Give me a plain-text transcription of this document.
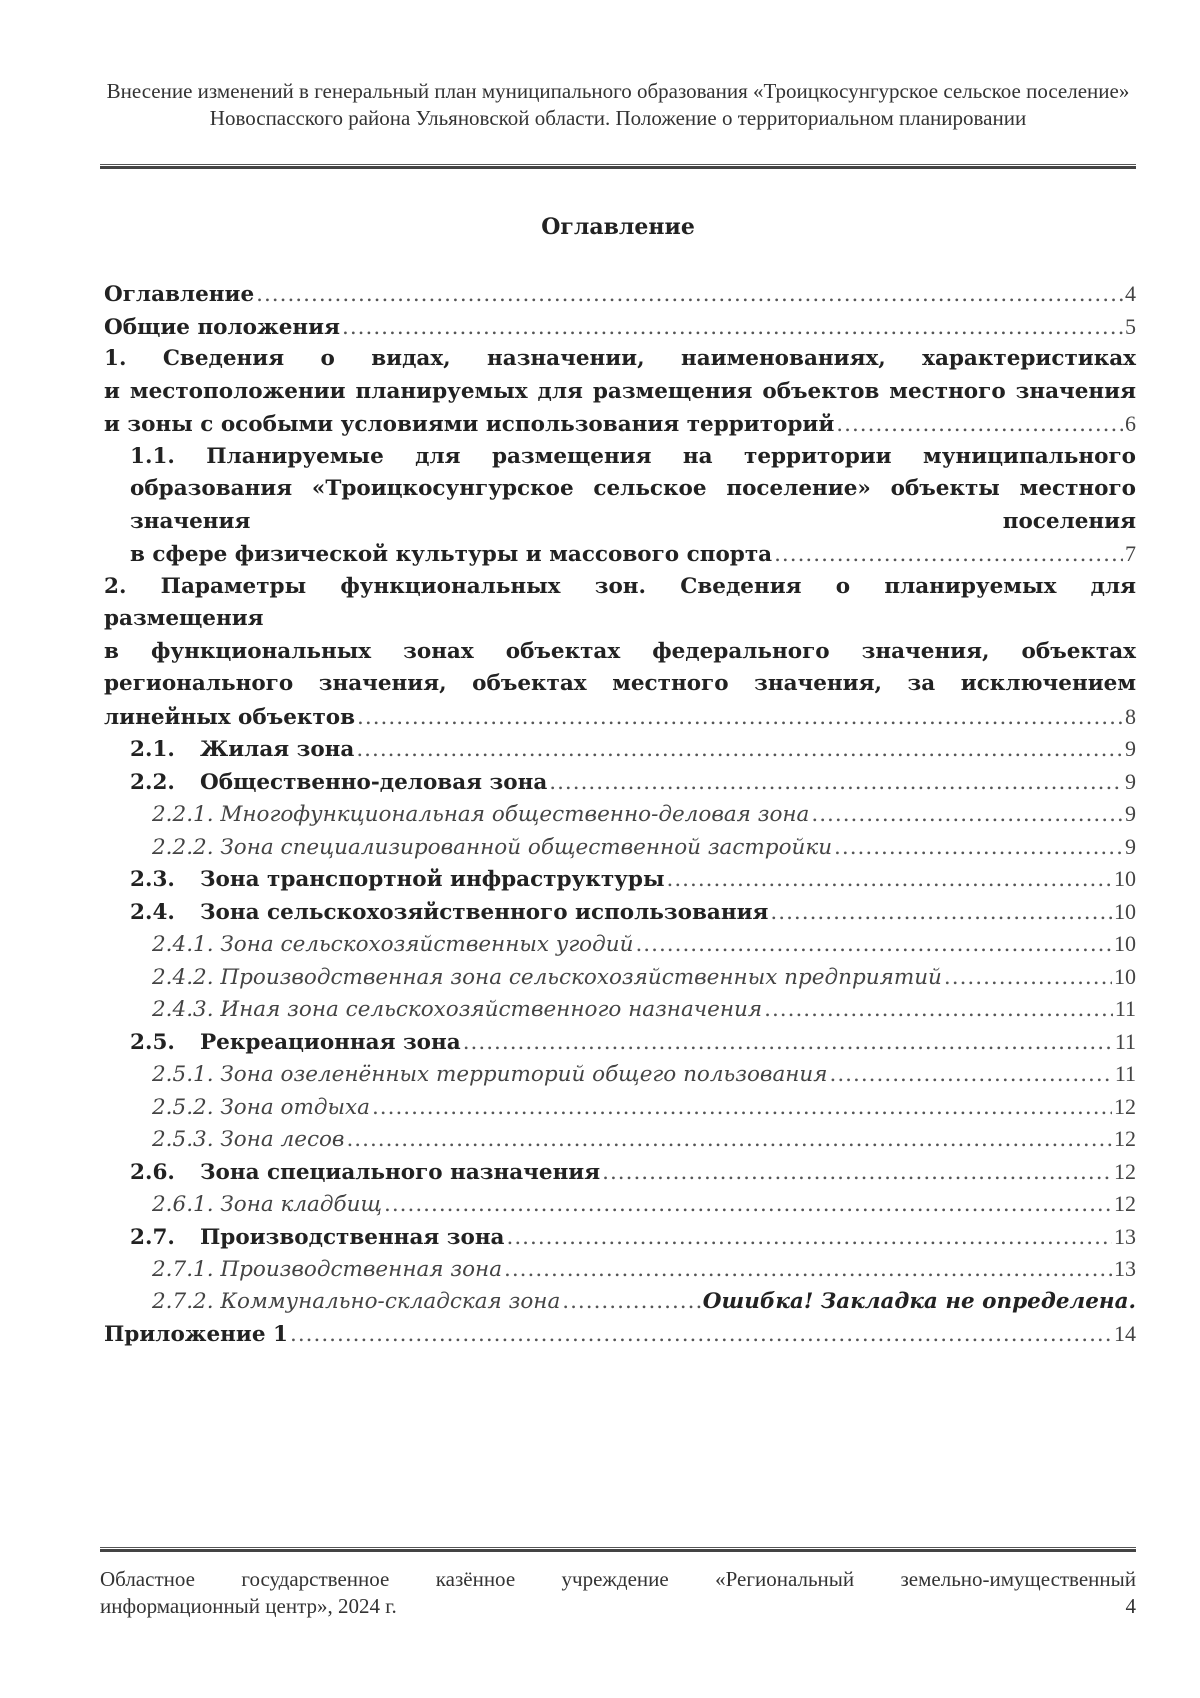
Внесение изменений в генеральный план муниципального образования «Троицкосунгурское сельское поселение» Новоспасского района Ульяновской области. Положение о территориальном планировании
Оглавление
Оглавление .....	4
Общие положения .....	5
1. Сведения о видах, назначении, наименованиях, характеристиках
и местоположении планируемых для размещения объектов местного значения
и зоны с особыми условиями использования территорий .....	6
1.1. Планируемые для размещения на территории муниципального
образования «Троицкосунгурское сельское поселение» объекты местного
значения	поселения
в сфере физической культуры и массового спорта .....	7
2. Параметры функциональных зон. Сведения о планируемых для
размещения
в функциональных зонах объектах федерального значения, объектах
регионального значения, объектах местного значения, за исключением
линейных объектов .....	8
2.1. Жилая зона .....	9
2.2. Общественно-деловая зона .....	9
2.2.1. Многофункциональная общественно-деловая зона .....	9
2.2.2. Зона специализированной общественной застройки .....	9
2.3. Зона транспортной инфраструктуры .....	10
2.4. Зона сельскохозяйственного использования .....	10
2.4.1. Зона сельскохозяйственных угодий .....	10
2.4.2. Производственная зона сельскохозяйственных предприятий .....	10
2.4.3. Иная зона сельскохозяйственного назначения .....	11
2.5. Рекреационная зона .....	11
2.5.1. Зона озеленённых территорий общего пользования .....	11
2.5.2. Зона отдыха .....	12
2.5.3. Зона лесов .....	12
2.6. Зона специального назначения .....	12
2.6.1. Зона кладбищ .....	12
2.7. Производственная зона .....	13
2.7.1. Производственная зона .....	13
2.7.2. Коммунально-складская зона .....	Ошибка! Закладка не определена.
Приложение 1 .....	14
Областное государственное казённое учреждение «Региональный земельно-имущественный
информационный центр», 2024 г.	4
